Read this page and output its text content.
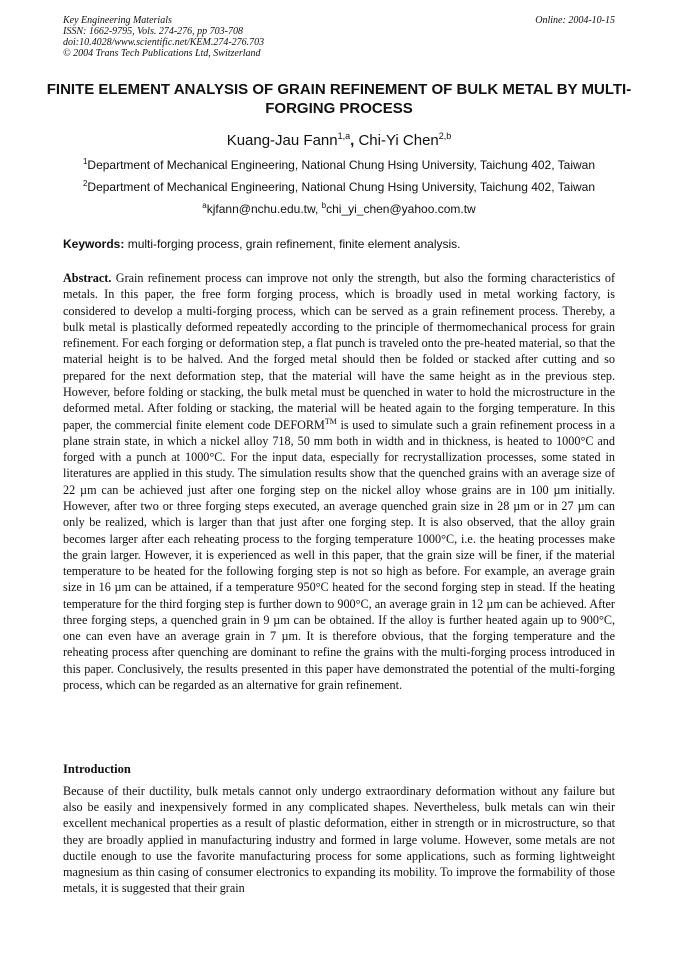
Key Engineering Materials
ISSN: 1662-9795, Vols. 274-276, pp 703-708
doi:10.4028/www.scientific.net/KEM.274-276.703
© 2004 Trans Tech Publications Ltd, Switzerland
Online: 2004-10-15
FINITE ELEMENT ANALYSIS OF GRAIN REFINEMENT OF BULK METAL BY MULTI-FORGING PROCESS
Kuang-Jau Fann$^{1,a}$, Chi-Yi Chen$^{2,b}$
$^1$Department of Mechanical Engineering, National Chung Hsing University, Taichung 402, Taiwan
$^2$Department of Mechanical Engineering, National Chung Hsing University, Taichung 402, Taiwan
$^a$kjfann@nchu.edu.tw, $^b$chi_yi_chen@yahoo.com.tw
Keywords: multi-forging process, grain refinement, finite element analysis.
Abstract. Grain refinement process can improve not only the strength, but also the forming characteristics of metals. In this paper, the free form forging process, which is broadly used in metal working factory, is considered to develop a multi-forging process, which can be served as a grain refinement process. Thereby, a bulk metal is plastically deformed repeatedly according to the principle of thermomechanical process for grain refinement. For each forging or deformation step, a flat punch is traveled onto the pre-heated material, so that the material height is to be halved. And the forged metal should then be folded or stacked after cutting and so prepared for the next deformation step, that the material will have the same height as in the previous step. However, before folding or stacking, the bulk metal must be quenched in water to hold the microstructure in the deformed metal. After folding or stacking, the material will be heated again to the forging temperature. In this paper, the commercial finite element code DEFORM™ is used to simulate such a grain refinement process in a plane strain state, in which a nickel alloy 718, 50 mm both in width and in thickness, is heated to 1000°C and forged with a punch at 1000°C. For the input data, especially for recrystallization processes, some stated in literatures are applied in this study. The simulation results show that the quenched grains with an average size of 22 µm can be achieved just after one forging step on the nickel alloy whose grains are in 100 µm initially. However, after two or three forging steps executed, an average quenched grain size in 28 µm or in 27 µm can only be realized, which is larger than that just after one forging step. It is also observed, that the alloy grain becomes larger after each reheating process to the forging temperature 1000°C, i.e. the heating processes make the grain larger. However, it is experienced as well in this paper, that the grain size will be finer, if the material temperature to be heated for the following forging step is not so high as before. For example, an average grain size in 16 µm can be attained, if a temperature 950°C heated for the second forging step in stead. If the heating temperature for the third forging step is further down to 900°C, an average grain in 12 µm can be achieved. After three forging steps, a quenched grain in 9 µm can be obtained. If the alloy is further heated again up to 900°C, one can even have an average grain in 7 µm. It is therefore obvious, that the forging temperature and the reheating process after quenching are dominant to refine the grains with the multi-forging process introduced in this paper. Conclusively, the results presented in this paper have demonstrated the potential of the multi-forging process, which can be regarded as an alternative for grain refinement.
Introduction
Because of their ductility, bulk metals cannot only undergo extraordinary deformation without any failure but also be easily and inexpensively formed in any complicated shapes. Nevertheless, bulk metals can win their excellent mechanical properties as a result of plastic deformation, either in strength or in microstructure, so that they are broadly applied in manufacturing industry and formed in large volume. However, some metals are not ductile enough to use the favorite manufacturing process for some applications, such as forming lightweight magnesium as thin casing of consumer electronics to expanding its mobility. To improve the formability of those metals, it is suggested that their grain
